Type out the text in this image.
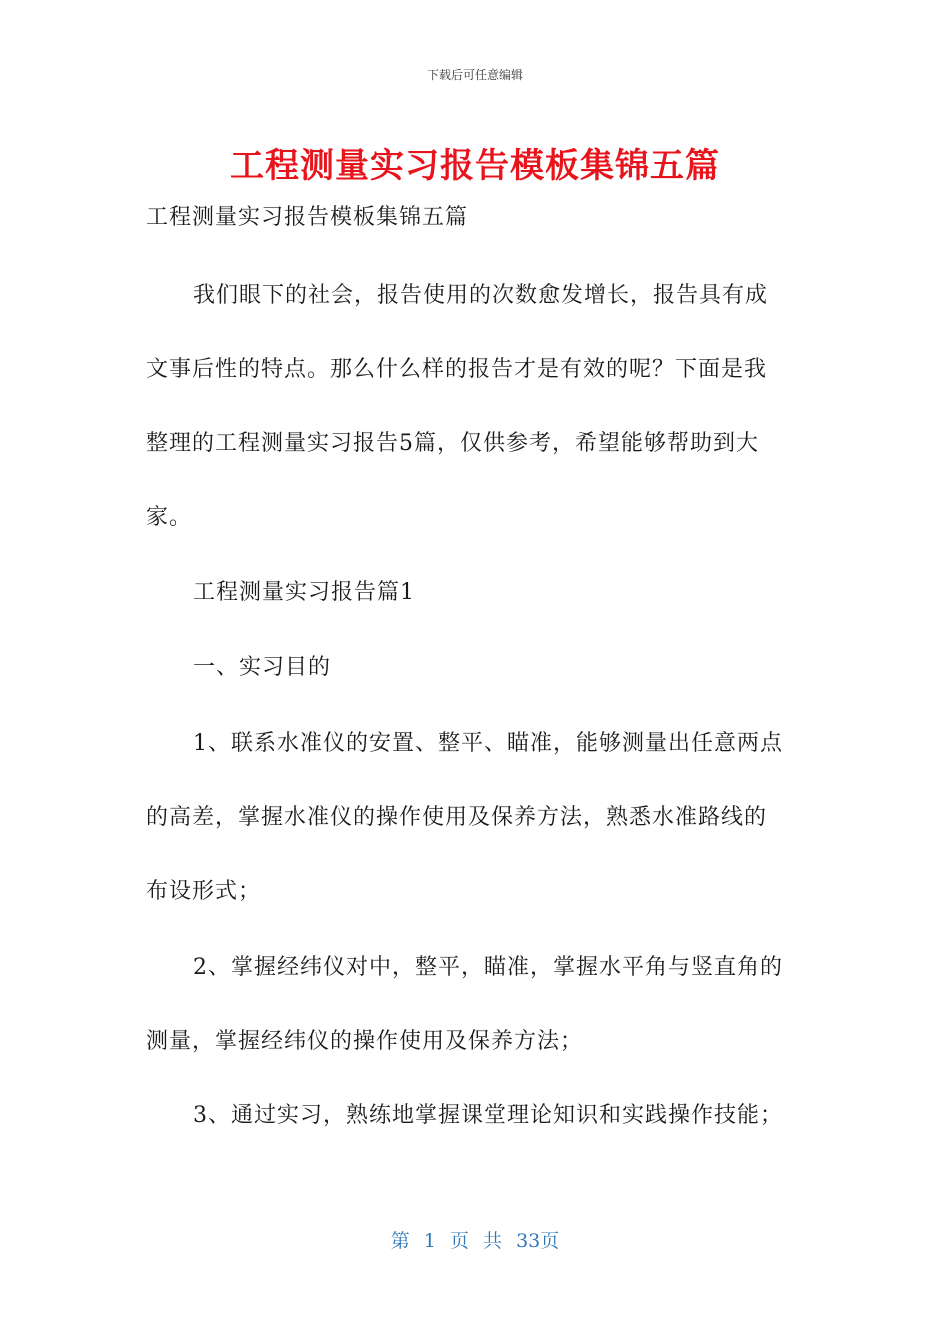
下载后可任意编辑
工程测量实习报告模板集锦五篇
工程测量实习报告模板集锦五篇
我们眼下的社会，报告使用的次数愈发增长，报告具有成
文事后性的特点。那么什么样的报告才是有效的呢？下面是我
整理的工程测量实习报告5篇，仅供参考，希望能够帮助到大
家。
工程测量实习报告篇1
一、实习目的
1、联系水准仪的安置、整平、瞄准，能够测量出任意两点
的高差，掌握水准仪的操作使用及保养方法，熟悉水准路线的
布设形式；
2、掌握经纬仪对中，整平，瞄准，掌握水平角与竖直角的
测量，掌握经纬仪的操作使用及保养方法；
3、通过实习，熟练地掌握课堂理论知识和实践操作技能；
第 1 页 共 33页
